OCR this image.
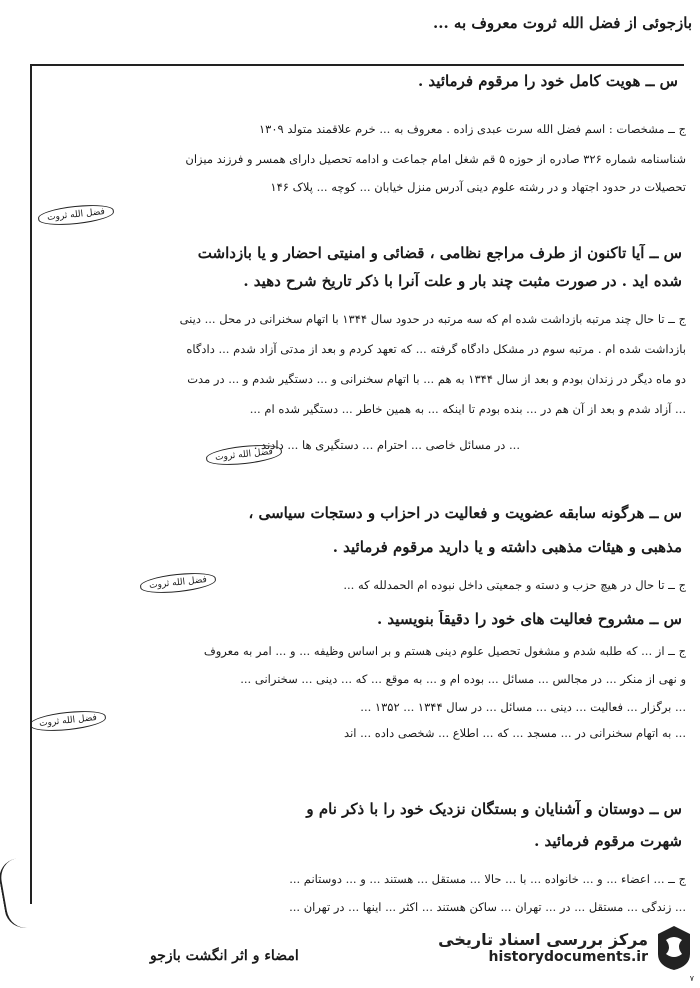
بازجوئی از فضل الله ‌ثروت معروف به ...
س ــ هویت کامل خود را مرقوم فرمائید .
ج ــ مشخصات : اسم فضل الله سرت عبدی زاده . معروف به ... خرم علاقمند متولد ۱۳۰۹
شناسنامه شماره ۳۲۶ صادره از حوزه ۵ قم شغل امام جماعت و ادامه تحصیل دارای همسر و فرزند میزان
تحصیلات در حدود اجتهاد و در رشته علوم دینی آدرس منزل خیابان ... کوچه ... پلاک ۱۴۶
فضل الله ثروت
س ــ آیا تاکنون از طرف مراجع نظامی ، قضائی و امنیتی احضار و یا بازداشت
شده اید . در صورت مثبت چند بار و علت آنرا با ذکر تاریخ شرح دهید .
ج ــ تا حال چند مرتبه بازداشت شده ام که سه مرتبه در حدود سال ۱۳۴۴ با اتهام سخنرانی در محل ... دینی
بازداشت شده ام . مرتبه سوم در مشکل دادگاه گرفته ... که تعهد کردم و بعد از مدتی آزاد شدم ... دادگاه
دو ماه دیگر در زندان بودم و بعد از سال ۱۳۴۴ به هم ... با اتهام سخنرانی و ... دستگیر شدم و ... در مدت
... آزاد شدم و بعد از آن هم در ... بنده بودم تا اینکه ... به همین خاطر ... دستگیر شده ام ...
... در مسائل خاصی ... احترام ... دستگیری ها ... دادند .
فضل الله ثروت
س ــ هرگونه سابقه عضویت و فعالیت در احزاب و دستجات سیاسی ،
مذهبی و هیئات مذهبی داشته و یا دارید مرقوم فرمائید .
ج ــ تا حال در هیچ حزب و دسته و جمعیتی داخل نبوده ام الحمدلله که ...
فضل الله ثروت
س ــ مشروح فعالیت های خود را دقیقاً بنویسید .
ج ــ از ... که طلبه شدم و مشغول تحصیل علوم دینی هستم و بر اساس وظیفه ... و ... امر به معروف
و نهی از منکر ... در مجالس ... مسائل ... بوده ام و ... به موقع ... که ... دینی ... سخنرانی ...
... برگزار ... فعالیت ... دینی ... مسائل ... در سال ۱۳۴۴ ... ۱۳۵۲ ...
... به اتهام سخنرانی در ... مسجد ... که ... اطلاع ... شخصی داده ... اند
فضل الله ثروت
س ــ دوستان و آشنایان و بستگان نزدیک خود را با ذکر نام و
شهرت مرقوم فرمائید .
ج ــ ... اعضاء ... و ... خانواده ... با ... حالا ... مستقل ... هستند ... و ... دوستانم ...
... زندگی ... مستقل ... در ... تهران ... ساکن هستند ... اکثر ... اینها ... در تهران ...
امضاء و اثر انگشت بازجو
مرکز بررسی اسناد تاریخی
historydocuments.ir
۷
